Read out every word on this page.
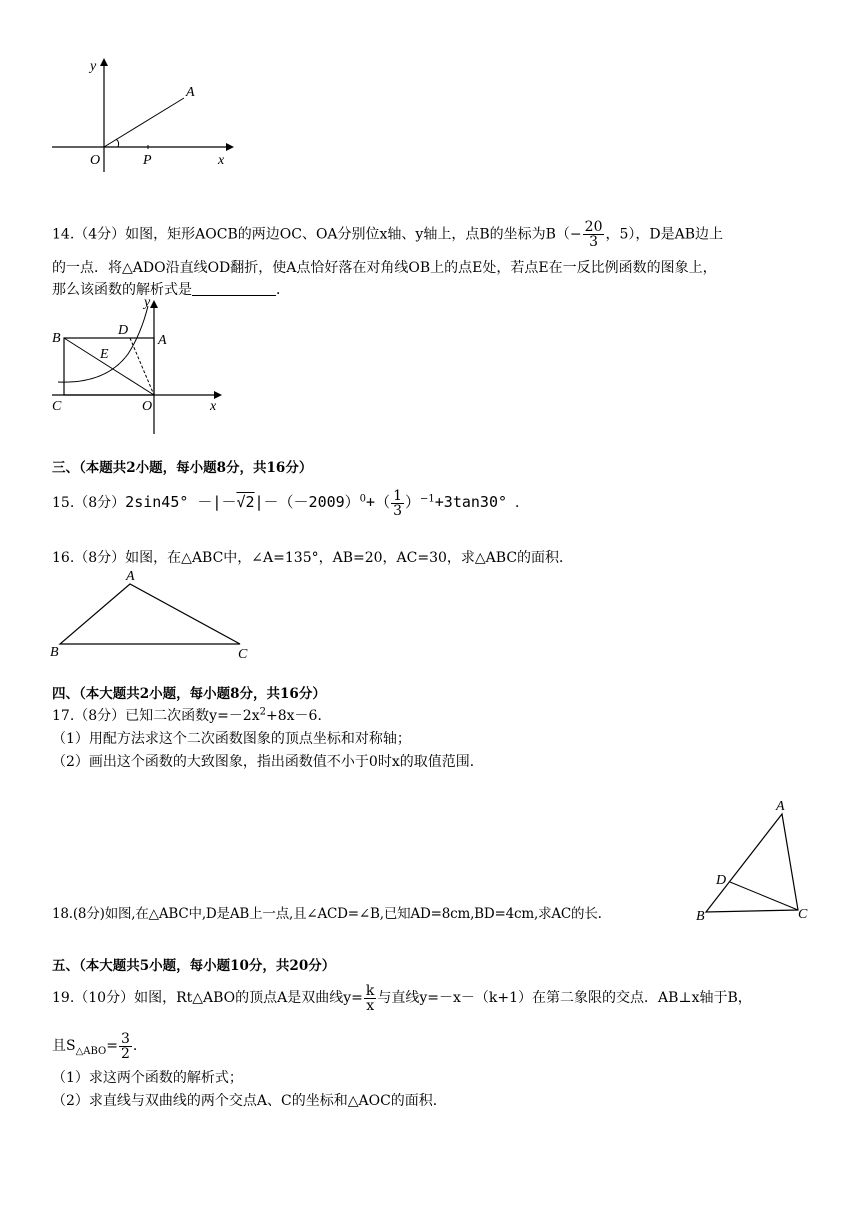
y
A
O	P	x
14.（4分）如图，矩形AOCB的两边OC、OA分别位x轴、y轴上，点B的坐标为$B(- \frac{20}{3}$ ，5），D是AB边上
的一点．将△ADO沿直线OD翻折，使A点恰好落在对角线OB上的点E处，若点E在一反比例函数的图象上，
那么该函数的解析式是	．
B
D
y
A
E
C	O	x
三、（本题共2小题，每小题8分，共16分）
15.（8分）$2\sin 45^\circ -|-√2|-(-2009)^0+( \frac{1}{3} )^{-1}+3\tan 30^\circ$ ．
16.（8分）如图，在△ABC中，∠A=135°，AB=20，AC=30，求△ABC的面积．
A
B	C
四、（本大题共2小题，每小题8分，共16分）
17.（8分）已知二次函数$y=-2x^2+8x-6$．
（1）用配方法求这个二次函数图象的顶点坐标和对称轴；
（2）画出这个函数的大致图象，指出函数值不小于0时x的取值范围．
A
D
B	C
18.(8分)如图,在△ABC中,D是AB上一点,且∠ACD=∠B,已知AD=8cm,BD=4cm,求AC的长.
五、（本大题共5小题，每小题10分，共20分）
19.（10分）如图，Rt△ABO的顶点A是双曲线$y= \frac{k}{x}$ 与直线y=－x－（k+1）在第二象限的交点．AB⊥x轴于B，
且$S_{\triangle ABO}= \frac{3}{2}$ .
（1）求这两个函数的解析式；
（2）求直线与双曲线的两个交点A、C的坐标和△AOC的面积．
